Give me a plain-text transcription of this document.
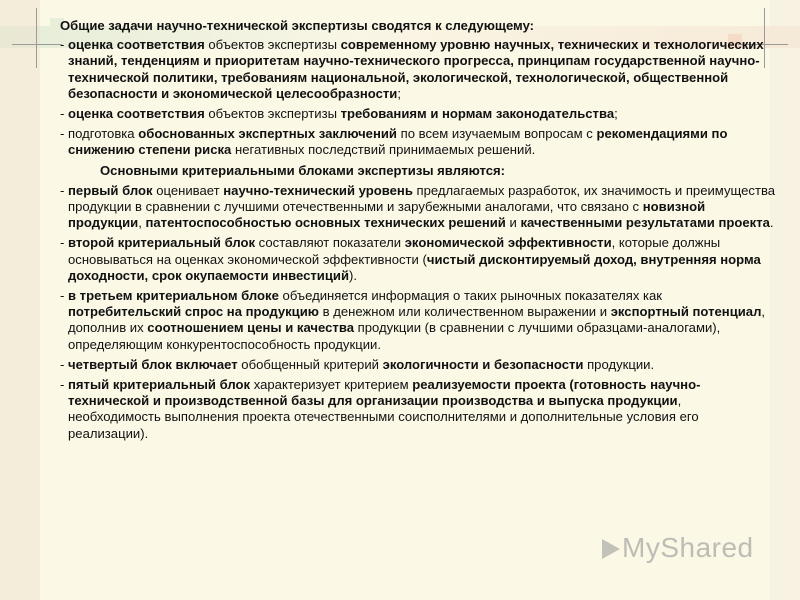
Общие задачи научно-технической экспертизы сводятся к следующему:
- оценка соответствия объектов экспертизы современному уровню научных, технических и технологических знаний, тенденциям и приоритетам научно-технического прогресса, принципам государственной научно-технической политики, требованиям национальной, экологической, технологической, общественной безопасности и экономической целесообразности;
- оценка соответствия объектов экспертизы требованиям и нормам законодательства;
- подготовка обоснованных экспертных заключений по всем изучаемым вопросам с рекомендациями по снижению степени риска негативных последствий принимаемых решений.
Основными критериальными блоками экспертизы являются:
- первый блок оценивает научно-технический уровень предлагаемых разработок, их значимость и преимущества продукции в сравнении с лучшими отечественными и зарубежными аналогами, что связано с новизной продукции, патентоспособностью основных технических решений и качественными результатами проекта.
- второй критериальный блок составляют показатели экономической эффективности, которые должны основываться на оценках экономической эффективности (чистый дисконтируемый доход, внутренняя норма доходности, срок окупаемости инвестиций).
- в третьем критериальном блоке объединяется информация о таких рыночных показателях как потребительский спрос на продукцию в денежном или количественном выражении и экспортный потенциал, дополнив их соотношением цены и качества продукции (в сравнении с лучшими образцами-аналогами), определяющим конкурентоспособность продукции.
- четвертый блок включает обобщенный критерий экологичности и безопасности продукции.
- пятый критериальный блок характеризует критерием реализуемости проекта (готовность научно-технической и производственной базы для организации производства и выпуска продукции, необходимость выполнения проекта отечественными соисполнителями и дополнительные условия его реализации).
MyShared
